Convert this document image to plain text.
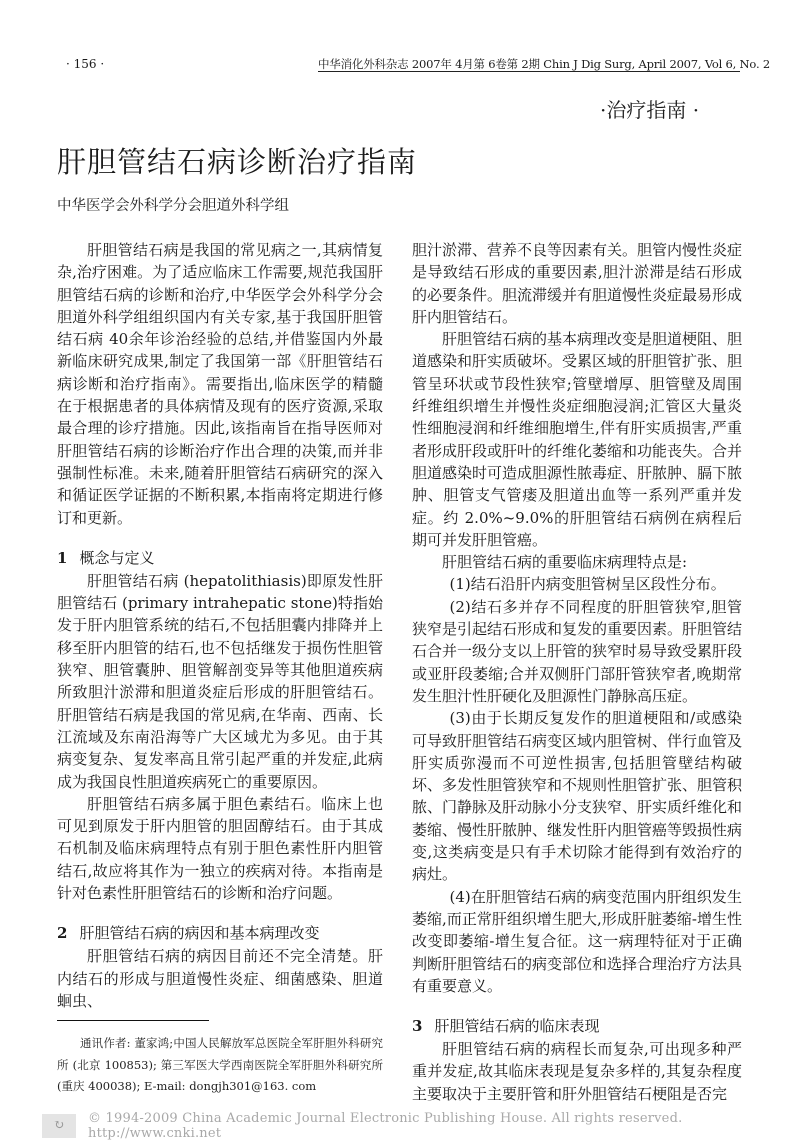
· 156 ·	中华消化外科杂志 2007年 4月第 6卷第 2期 Chin J Dig Surg, April 2007, Vol 6, No. 2
·治疗指南 ·
肝胆管结石病诊断治疗指南
中华医学会外科学分会胆道外科学组

肝胆管结石病是我国的常见病之一,其病情复杂,治疗困难。为了适应临床工作需要,规范我国肝胆管结石病的诊断和治疗,中华医学会外科学分会胆道外科学组组织国内有关专家,基于我国肝胆管结石病 40余年诊治经验的总结,并借鉴国内外最新临床研究成果,制定了我国第一部《肝胆管结石病诊断和治疗指南》。需要指出,临床医学的精髓在于根据患者的具体病情及现有的医疗资源,采取最合理的诊疗措施。因此,该指南旨在指导医师对肝胆管结石病的诊断治疗作出合理的决策,而并非强制性标准。未来,随着肝胆管结石病研究的深入和循证医学证据的不断积累,本指南将定期进行修订和更新。

1 概念与定义

肝胆管结石病 (hepatolithiasis)即原发性肝胆管结石 (primary intrahepatic stone)特指始发于肝内胆管系统的结石,不包括胆囊内排降并上移至肝内胆管的结石,也不包括继发于损伤性胆管狭窄、胆管囊肿、胆管解剖变异等其他胆道疾病所致胆汁淤滞和胆道炎症后形成的肝胆管结石。肝胆管结石病是我国的常见病,在华南、西南、长江流域及东南沿海等广大区域尤为多见。由于其病变复杂、复发率高且常引起严重的并发症,此病成为我国良性胆道疾病死亡的重要原因。

肝胆管结石病多属于胆色素结石。临床上也可见到原发于肝内胆管的胆固醇结石。由于其成石机制及临床病理特点有别于胆色素性肝内胆管结石,故应将其作为一独立的疾病对待。本指南是针对色素性肝胆管结石的诊断和治疗问题。

2 肝胆管结石病的病因和基本病理改变

肝胆管结石病的病因目前还不完全清楚。肝内结石的形成与胆道慢性炎症、细菌感染、胆道蛔虫、

通讯作者: 董家鸿;中国人民解放军总医院全军肝胆外科研究所 (北京 100853); 第三军医大学西南医院全军肝胆外科研究所 (重庆 400038); E-mail: dongjh301@163. com

胆汁淤滞、营养不良等因素有关。胆管内慢性炎症是导致结石形成的重要因素,胆汁淤滞是结石形成的必要条件。胆流滞缓并有胆道慢性炎症最易形成肝内胆管结石。

肝胆管结石病的基本病理改变是胆道梗阻、胆道感染和肝实质破坏。受累区域的肝胆管扩张、胆管呈环状或节段性狭窄;管壁增厚、胆管壁及周围纤维组织增生并慢性炎症细胞浸润;汇管区大量炎性细胞浸润和纤维细胞增生,伴有肝实质损害,严重者形成肝段或肝叶的纤维化萎缩和功能丧失。合并胆道感染时可造成胆源性脓毒症、肝脓肿、膈下脓肿、胆管支气管瘘及胆道出血等一系列严重并发症。约 2.0%~9.0%的肝胆管结石病例在病程后期可并发肝胆管癌。

肝胆管结石病的重要临床病理特点是:

(1)结石沿肝内病变胆管树呈区段性分布。

(2)结石多并存不同程度的肝胆管狭窄,胆管狭窄是引起结石形成和复发的重要因素。肝胆管结石合并一级分支以上肝管的狭窄时易导致受累肝段或亚肝段萎缩;合并双侧肝门部肝管狭窄者,晚期常发生胆汁性肝硬化及胆源性门静脉高压症。

(3)由于长期反复发作的胆道梗阻和/或感染可导致肝胆管结石病变区域内胆管树、伴行血管及肝实质弥漫而不可逆性损害,包括胆管壁结构破坏、多发性胆管狭窄和不规则性胆管扩张、胆管积脓、门静脉及肝动脉小分支狭窄、肝实质纤维化和萎缩、慢性肝脓肿、继发性肝内胆管癌等毁损性病变,这类病变是只有手术切除才能得到有效治疗的病灶。

(4)在肝胆管结石病的病变范围内肝组织发生萎缩,而正常肝组织增生肥大,形成肝脏萎缩-增生性改变即萎缩-增生复合征。这一病理特征对于正确判断肝胆管结石的病变部位和选择合理治疗方法具有重要意义。

3 肝胆管结石病的临床表现

肝胆管结石病的病程长而复杂,可出现多种严重并发症,故其临床表现是复杂多样的,其复杂程度主要取决于主要肝管和肝外胆管结石梗阻是否完

↻	© 1994-2009 China Academic Journal Electronic Publishing House. All rights reserved. http://www.cnki.net
